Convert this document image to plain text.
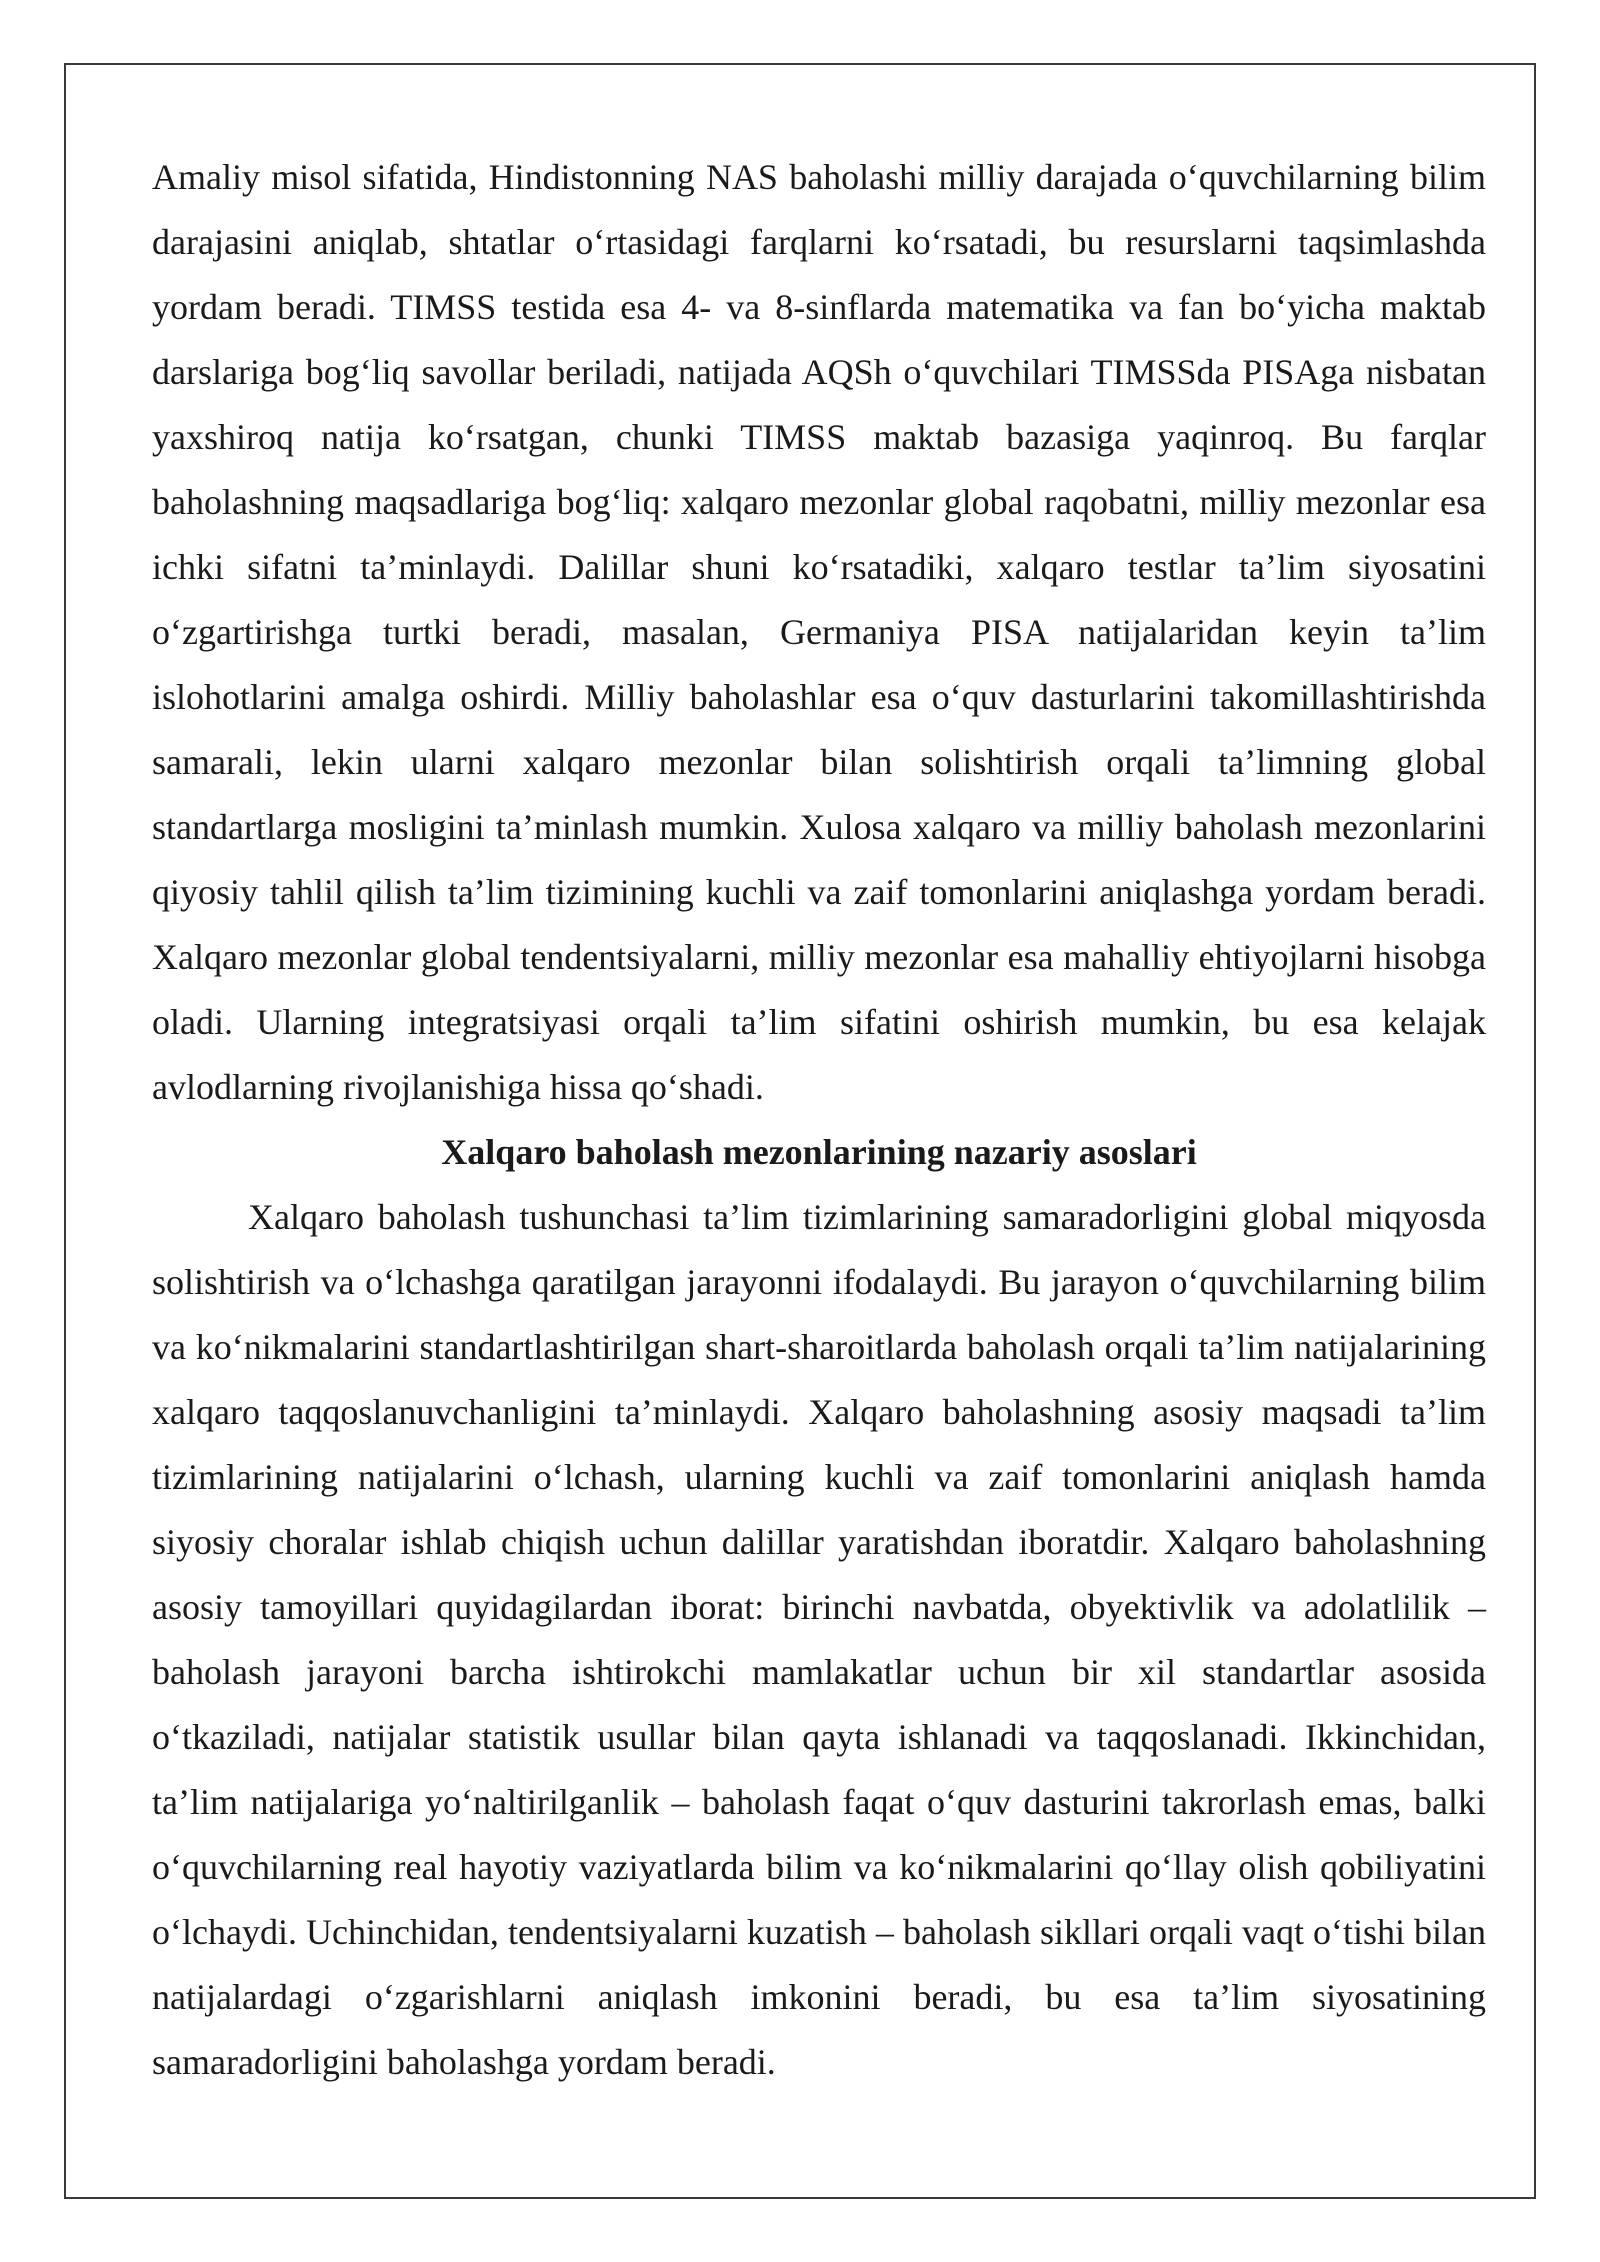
Amaliy misol sifatida, Hindistonning NAS baholashi milliy darajada o‘quvchilarning bilim darajasini aniqlab, shtatlar o‘rtasidagi farqlarni ko‘rsatadi, bu resurslarni taqsimlashda yordam beradi. TIMSS testida esa 4- va 8-sinflarda matematika va fan bo‘yicha maktab darslariga bog‘liq savollar beriladi, natijada AQSh o‘quvchilari TIMSSda PISAga nisbatan yaxshiroq natija ko‘rsatgan, chunki TIMSS maktab bazasiga yaqinroq. Bu farqlar baholashning maqsadlariga bog‘liq: xalqaro mezonlar global raqobatni, milliy mezonlar esa ichki sifatni ta’minlaydi. Dalillar shuni ko‘rsatadiki, xalqaro testlar ta’lim siyosatini o‘zgartirishga turtki beradi, masalan, Germaniya PISA natijalaridan keyin ta’lim islohotlarini amalga oshirdi. Milliy baholashlar esa o‘quv dasturlarini takomillashtirishda samarali, lekin ularni xalqaro mezonlar bilan solishtirish orqali ta’limning global standartlarga mosligini ta’minlash mumkin. Xulosa xalqaro va milliy baholash mezonlarini qiyosiy tahlil qilish ta’lim tizimining kuchli va zaif tomonlarini aniqlashga yordam beradi. Xalqaro mezonlar global tendentsiyalarni, milliy mezonlar esa mahalliy ehtiyojlarni hisobga oladi. Ularning integratsiyasi orqali ta’lim sifatini oshirish mumkin, bu esa kelajak avlodlarning rivojlanishiga hissa qo‘shadi.

Xalqaro baholash mezonlarining nazariy asoslari

Xalqaro baholash tushunchasi ta’lim tizimlarining samaradorligini global miqyosda solishtirish va o‘lchashga qaratilgan jarayonni ifodalaydi. Bu jarayon o‘quvchilarning bilim va ko‘nikmalarini standartlashtirilgan shart-sharoitlarda baholash orqali ta’lim natijalarining xalqaro taqqoslanuvchanligini ta’minlaydi. Xalqaro baholashning asosiy maqsadi ta’lim tizimlarining natijalarini o‘lchash, ularning kuchli va zaif tomonlarini aniqlash hamda siyosiy choralar ishlab chiqish uchun dalillar yaratishdan iboratdir. Xalqaro baholashning asosiy tamoyillari quyidagilardan iborat: birinchi navbatda, obyektivlik va adolatlilik – baholash jarayoni barcha ishtirokchi mamlakatlar uchun bir xil standartlar asosida o‘tkaziladi, natijalar statistik usullar bilan qayta ishlanadi va taqqoslanadi. Ikkinchidan, ta’lim natijalariga yo‘naltirilganlik – baholash faqat o‘quv dasturini takrorlash emas, balki o‘quvchilarning real hayotiy vaziyatlarda bilim va ko‘nikmalarini qo‘llay olish qobiliyatini o‘lchaydi. Uchinchidan, tendentsiyalarni kuzatish – baholash sikllari orqali vaqt o‘tishi bilan natijalardagi o‘zgarishlarni aniqlash imkonini beradi, bu esa ta’lim siyosatining samaradorligini baholashga yordam beradi.
